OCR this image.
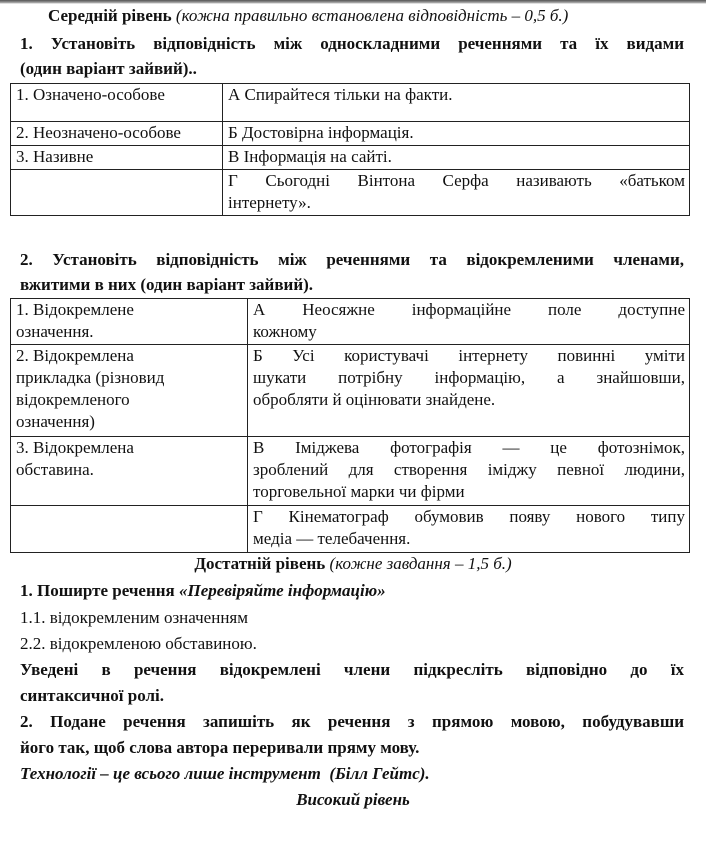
Середній рівень (кожна правильно встановлена відповідність – 0,5 б.)
1. Установіть відповідність між односкладними реченнями та їх видами
(один варіант зайвий)..
1. Означено-особове	А Спирайтеся тільки на факти.
2. Неозначено-особове	Б Достовірна інформація.
3. Називне	В Інформація на сайті.

	Г Сьогодні Вінтона Серфа називають «батьком
інтернету».
2. Установіть відповідність між реченнями та відокремленими членами,
вжитими в них (один варіант зайвий).
1. Відокремлене
означення.	А Неосяжне інформаційне поле доступне
кожному

2. Відокремлена
прикладка (різновид
відокремленого
означення)	Б Усі користувачі інтернету повинні уміти
шукати потрібну інформацію, а знайшовши,
обробляти й оцінювати знайдене.

3. Відокремлена
обставина.	В Іміджева фотографія — це фотознімок,
зроблений для створення іміджу певної людини,
торговельної марки чи фірми

	Г Кінематограф обумовив появу нового типу
медіа — телебачення.
Достатній рівень (кожне завдання – 1,5 б.)
1. Поширте речення «Перевіряйте інформацію»
1.1. відокремленим означенням
2.2. відокремленою обставиною.
Уведені в речення відокремлені члени підкресліть відповідно до їх
синтаксичної ролі.
2. Подане речення запишіть як речення з прямою мовою, побудувавши
його так, щоб слова автора переривали пряму мову.
Технології – це всього лише інструмент  (Білл Гейтс).
Високий рівень
